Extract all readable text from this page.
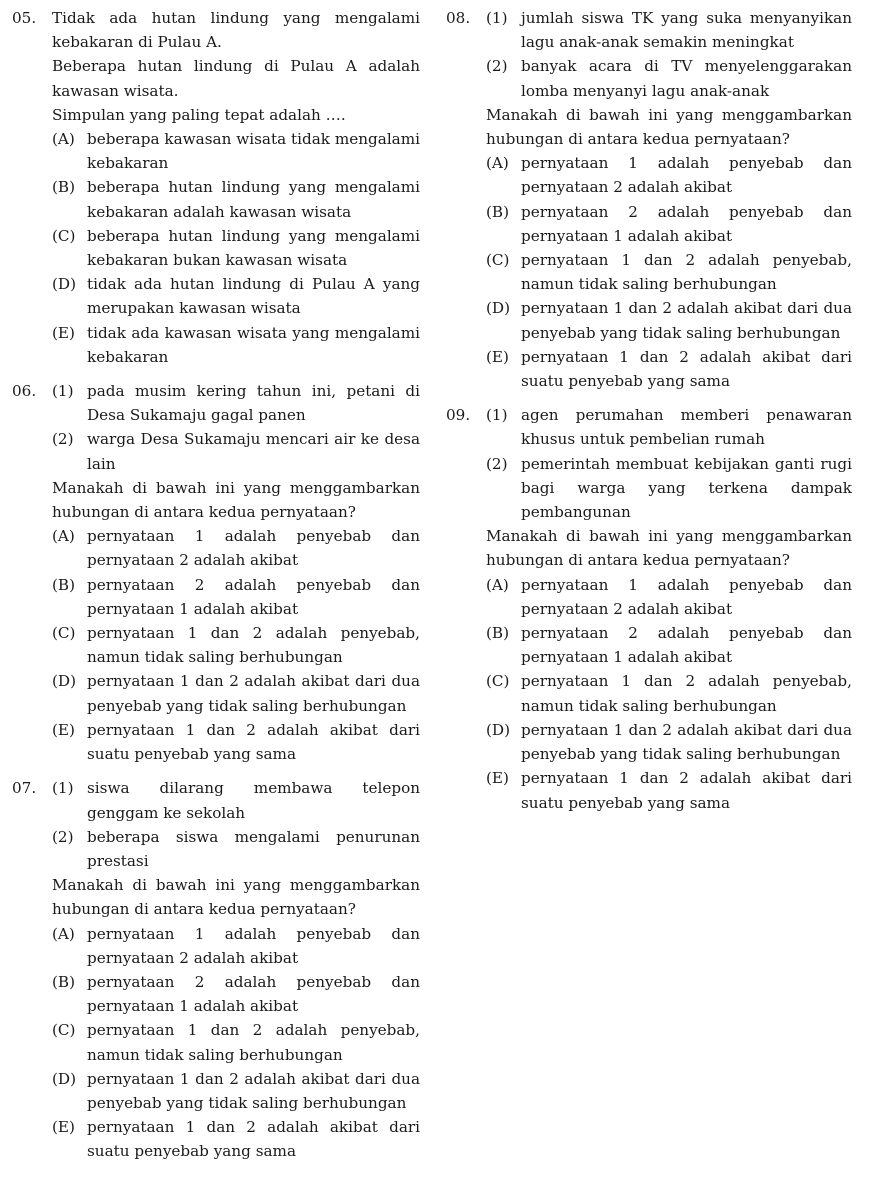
05.	Tidak ada hutan lindung yang mengalami kebakaran di Pulau A.
Beberapa hutan lindung di Pulau A adalah kawasan wisata.
Simpulan yang paling tepat adalah ….
(A) beberapa kawasan wisata tidak mengalami kebakaran
(B) beberapa hutan lindung yang mengalami kebakaran adalah kawasan wisata
(C) beberapa hutan lindung yang mengalami kebakaran bukan kawasan wisata
(D) tidak ada hutan lindung di Pulau A yang merupakan kawasan wisata
(E) tidak ada kawasan wisata yang mengalami kebakaran
06.	(1) pada musim kering tahun ini, petani di Desa Sukamaju gagal panen
(2) warga Desa Sukamaju mencari air ke desa lain
Manakah di bawah ini yang menggambarkan hubungan di antara kedua pernyataan?
(A) pernyataan 1 adalah penyebab dan pernyataan 2 adalah akibat
(B) pernyataan 2 adalah penyebab dan pernyataan 1 adalah akibat
(C) pernyataan 1 dan 2 adalah penyebab, namun tidak saling berhubungan
(D) pernyataan 1 dan 2 adalah akibat dari dua penyebab yang tidak saling berhubungan
(E) pernyataan 1 dan 2 adalah akibat dari suatu penyebab yang sama
07.	(1) siswa dilarang membawa telepon genggam ke sekolah
(2) beberapa siswa mengalami penurunan prestasi
Manakah di bawah ini yang menggambarkan hubungan di antara kedua pernyataan?
(A) pernyataan 1 adalah penyebab dan pernyataan 2 adalah akibat
(B) pernyataan 2 adalah penyebab dan pernyataan 1 adalah akibat
(C) pernyataan 1 dan 2 adalah penyebab, namun tidak saling berhubungan
(D) pernyataan 1 dan 2 adalah akibat dari dua penyebab yang tidak saling berhubungan
(E) pernyataan 1 dan 2 adalah akibat dari suatu penyebab yang sama
08.	(1) jumlah siswa TK yang suka menyanyikan lagu anak-anak semakin meningkat
(2) banyak acara di TV menyelenggarakan lomba menyanyi lagu anak-anak
Manakah di bawah ini yang menggambarkan hubungan di antara kedua pernyataan?
(A) pernyataan 1 adalah penyebab dan pernyataan 2 adalah akibat
(B) pernyataan 2 adalah penyebab dan pernyataan 1 adalah akibat
(C) pernyataan 1 dan 2 adalah penyebab, namun tidak saling berhubungan
(D) pernyataan 1 dan 2 adalah akibat dari dua penyebab yang tidak saling berhubungan
(E) pernyataan 1 dan 2 adalah akibat dari suatu penyebab yang sama
09.	(1) agen perumahan memberi penawaran khusus untuk pembelian rumah
(2) pemerintah membuat kebijakan ganti rugi bagi warga yang terkena dampak pembangunan
Manakah di bawah ini yang menggambarkan hubungan di antara kedua pernyataan?
(A) pernyataan 1 adalah penyebab dan pernyataan 2 adalah akibat
(B) pernyataan 2 adalah penyebab dan pernyataan 1 adalah akibat
(C) pernyataan 1 dan 2 adalah penyebab, namun tidak saling berhubungan
(D) pernyataan 1 dan 2 adalah akibat dari dua penyebab yang tidak saling berhubungan
(E) pernyataan 1 dan 2 adalah akibat dari suatu penyebab yang sama
